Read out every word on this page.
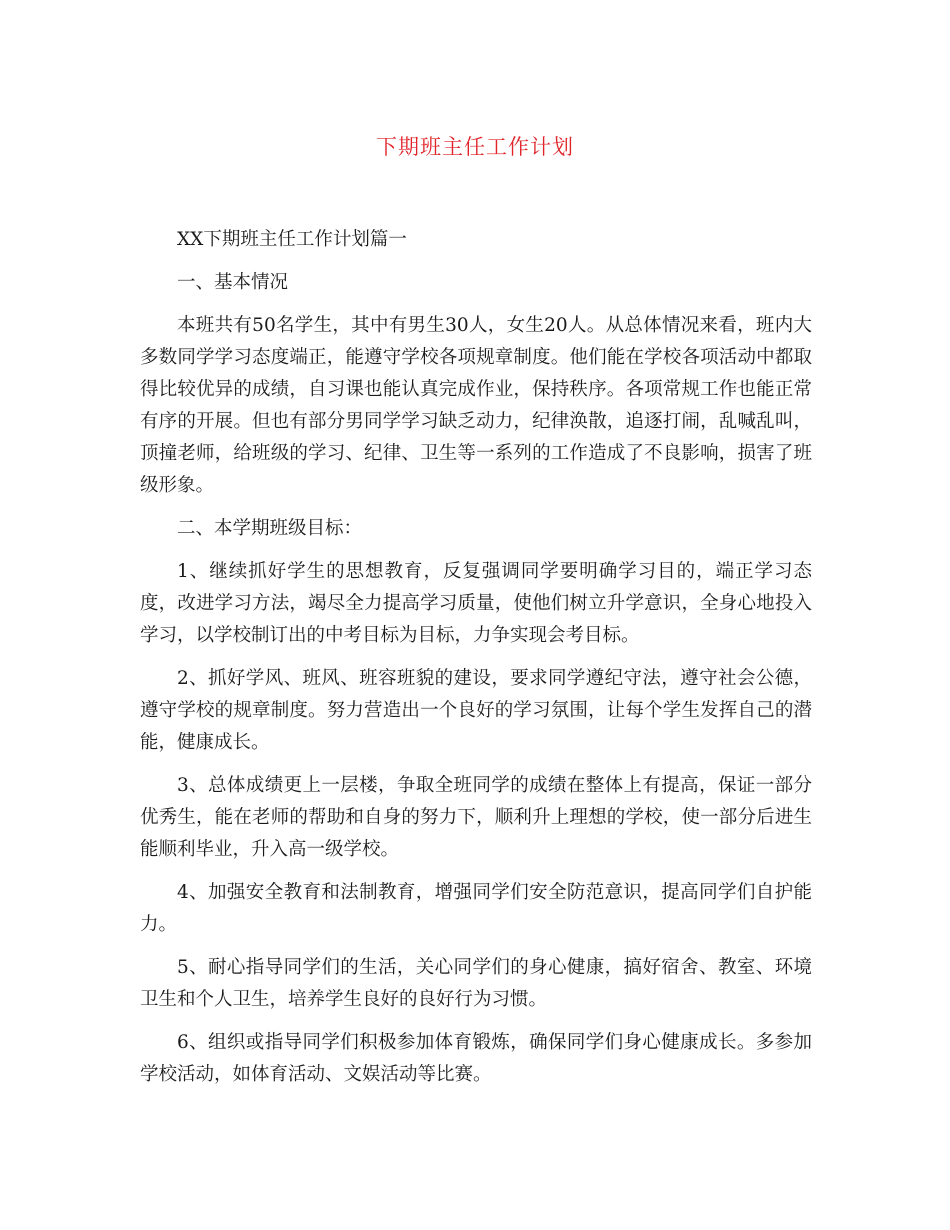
下期班主任工作计划

XX下期班主任工作计划篇一

一、基本情况

本班共有50名学生，其中有男生30人，女生20人。从总体情况来看，班内大多数同学学习态度端正，能遵守学校各项规章制度。他们能在学校各项活动中都取得比较优异的成绩，自习课也能认真完成作业，保持秩序。各项常规工作也能正常有序的开展。但也有部分男同学学习缺乏动力，纪律涣散，追逐打闹，乱喊乱叫，顶撞老师，给班级的学习、纪律、卫生等一系列的工作造成了不良影响，损害了班级形象。

二、本学期班级目标：

1、继续抓好学生的思想教育，反复强调同学要明确学习目的，端正学习态度，改进学习方法，竭尽全力提高学习质量，使他们树立升学意识，全身心地投入学习，以学校制订出的中考目标为目标，力争实现会考目标。

2、抓好学风、班风、班容班貌的建设，要求同学遵纪守法，遵守社会公德，遵守学校的规章制度。努力营造出一个良好的学习氛围，让每个学生发挥自己的潜能，健康成长。

3、总体成绩更上一层楼，争取全班同学的成绩在整体上有提高，保证一部分优秀生，能在老师的帮助和自身的努力下，顺利升上理想的学校，使一部分后进生能顺利毕业，升入高一级学校。

4、加强安全教育和法制教育，增强同学们安全防范意识，提高同学们自护能力。

5、耐心指导同学们的生活，关心同学们的身心健康，搞好宿舍、教室、环境卫生和个人卫生，培养学生良好的良好行为习惯。

6、组织或指导同学们积极参加体育锻炼，确保同学们身心健康成长。多参加学校活动，如体育活动、文娱活动等比赛。
